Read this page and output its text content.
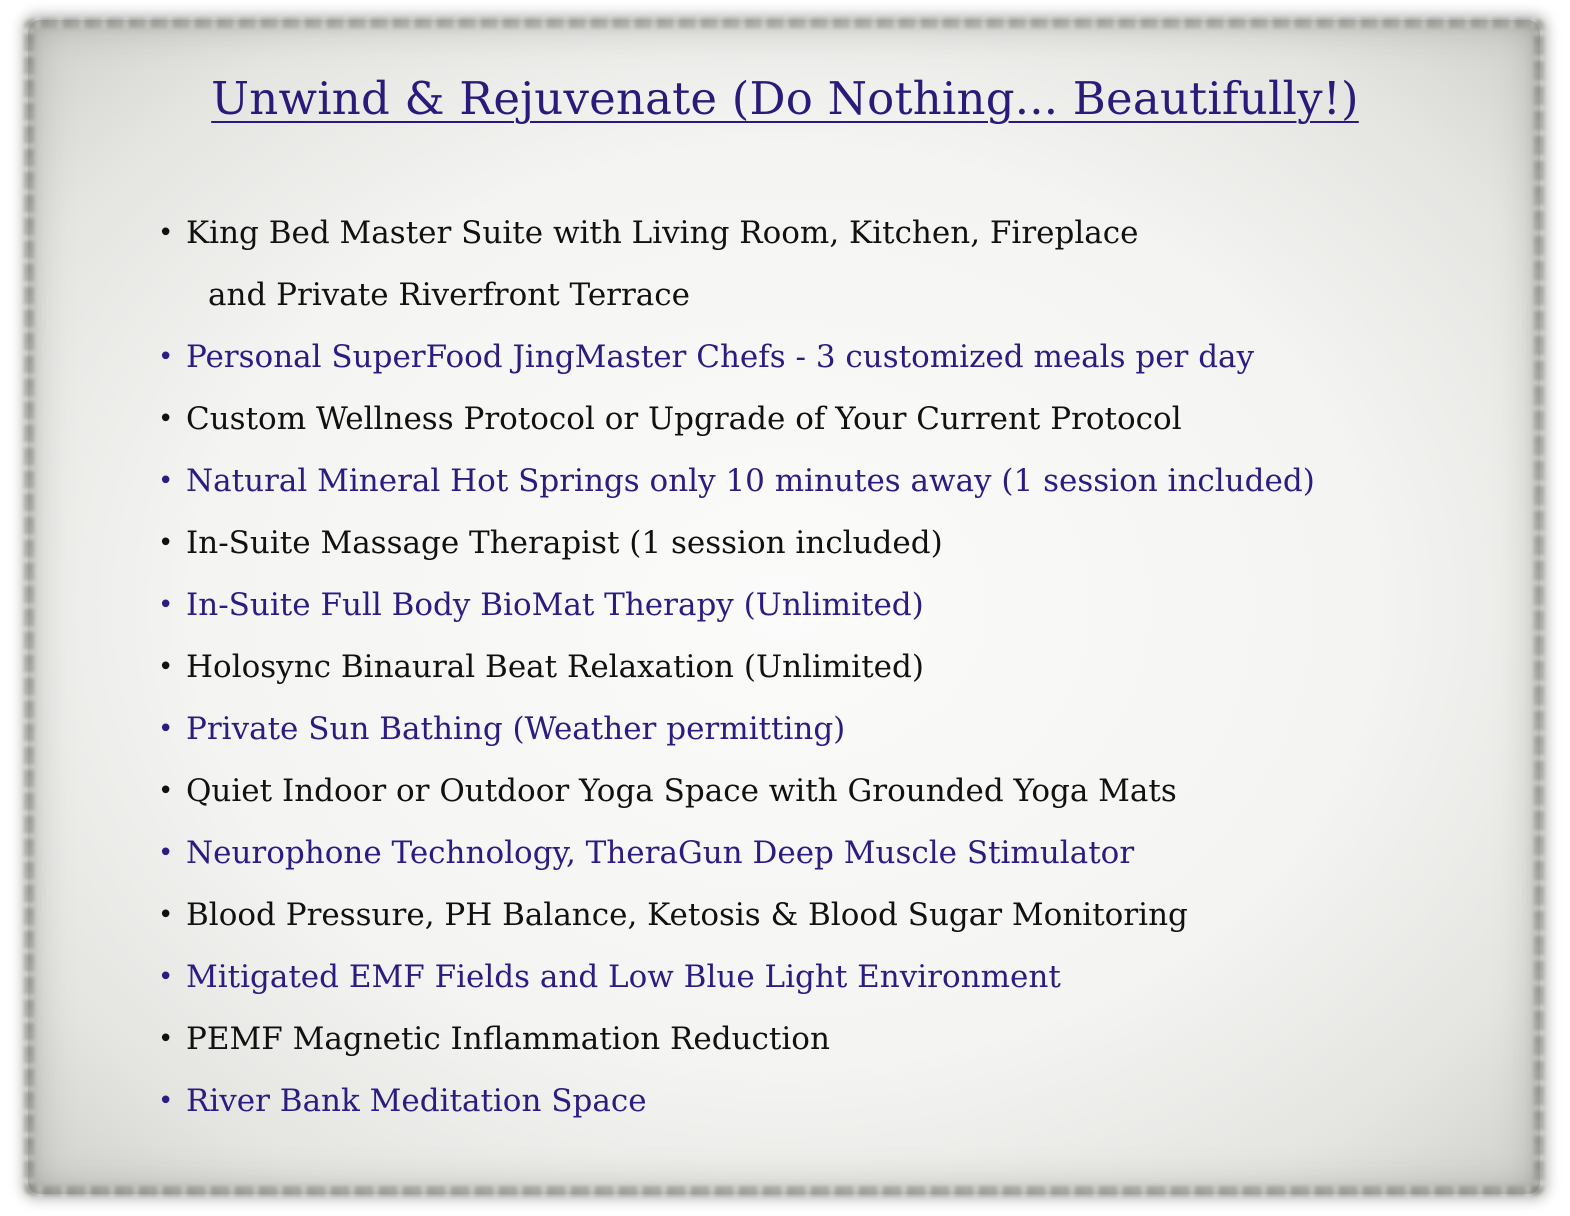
Unwind & Rejuvenate (Do Nothing... Beautifully!)
• King Bed Master Suite with Living Room, Kitchen, Fireplace
and Private Riverfront Terrace
• Personal SuperFood JingMaster Chefs - 3 customized meals per day
• Custom Wellness Protocol or Upgrade of Your Current Protocol
• Natural Mineral Hot Springs only 10 minutes away (1 session included)
• In-Suite Massage Therapist (1 session included)
• In-Suite Full Body BioMat Therapy (Unlimited)
• Holosync Binaural Beat Relaxation (Unlimited)
• Private Sun Bathing (Weather permitting)
• Quiet Indoor or Outdoor Yoga Space with Grounded Yoga Mats
• Neurophone Technology, TheraGun Deep Muscle Stimulator
• Blood Pressure, PH Balance, Ketosis & Blood Sugar Monitoring
• Mitigated EMF Fields and Low Blue Light Environment
• PEMF Magnetic Inflammation Reduction
• River Bank Meditation Space
